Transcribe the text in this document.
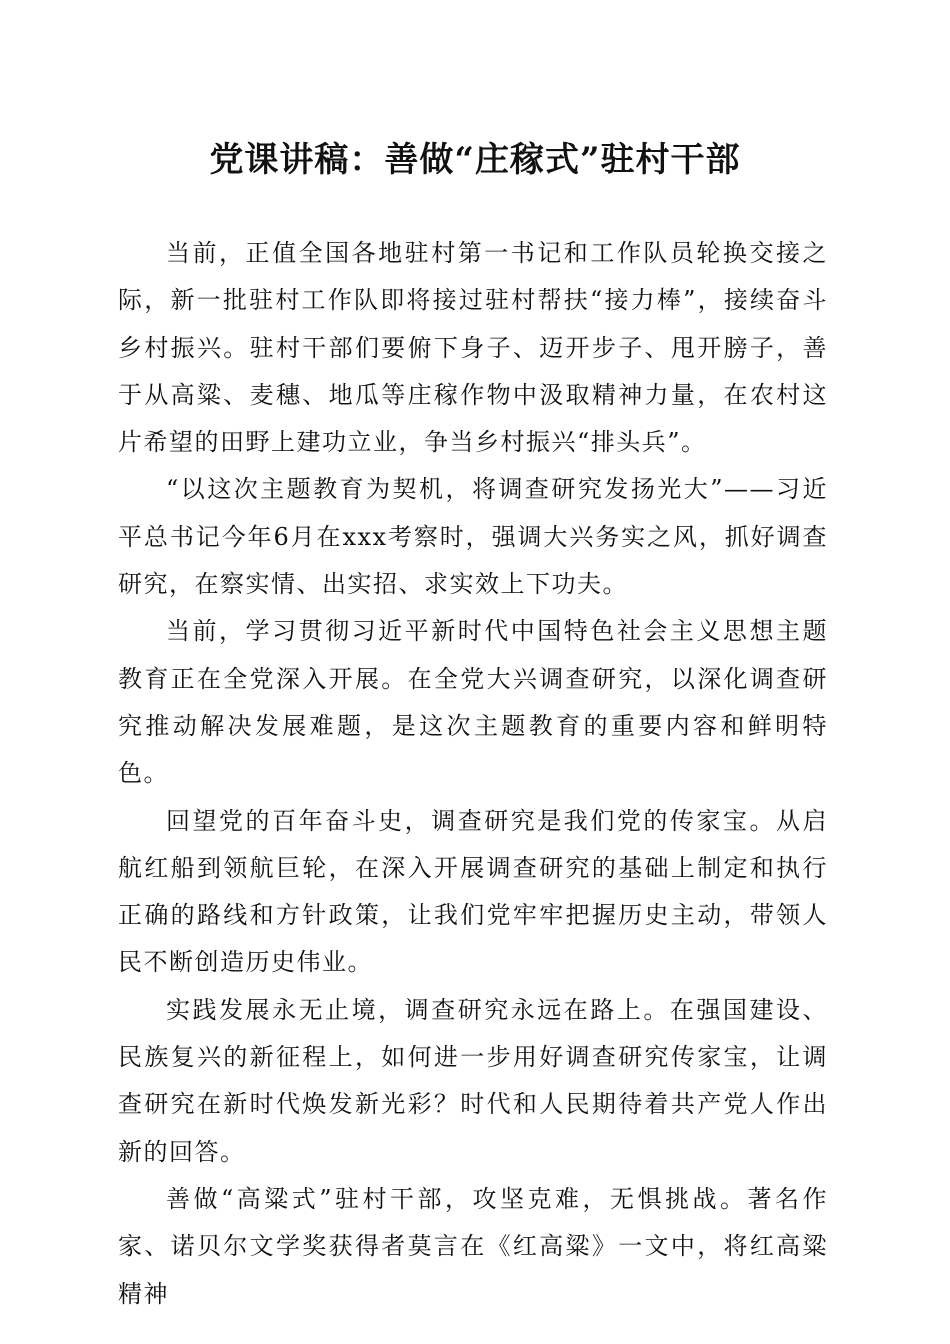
党课讲稿：善做“庄稼式”驻村干部

当前，正值全国各地驻村第一书记和工作队员轮换交接之际，新一批驻村工作队即将接过驻村帮扶“接力棒”，接续奋斗乡村振兴。驻村干部们要俯下身子、迈开步子、甩开膀子，善于从高粱、麦穗、地瓜等庄稼作物中汲取精神力量，在农村这片希望的田野上建功立业，争当乡村振兴“排头兵”。

“以这次主题教育为契机，将调查研究发扬光大”——习近平总书记今年6月在xxx考察时，强调大兴务实之风，抓好调查研究，在察实情、出实招、求实效上下功夫。

当前，学习贯彻习近平新时代中国特色社会主义思想主题教育正在全党深入开展。在全党大兴调查研究，以深化调查研究推动解决发展难题，是这次主题教育的重要内容和鲜明特色。

回望党的百年奋斗史，调查研究是我们党的传家宝。从启航红船到领航巨轮，在深入开展调查研究的基础上制定和执行正确的路线和方针政策，让我们党牢牢把握历史主动，带领人民不断创造历史伟业。

实践发展永无止境，调查研究永远在路上。在强国建设、民族复兴的新征程上，如何进一步用好调查研究传家宝，让调查研究在新时代焕发新光彩？时代和人民期待着共产党人作出新的回答。

善做“高粱式”驻村干部，攻坚克难，无惧挑战。著名作家、诺贝尔文学奖获得者莫言在《红高粱》一文中，将红高粱精神
